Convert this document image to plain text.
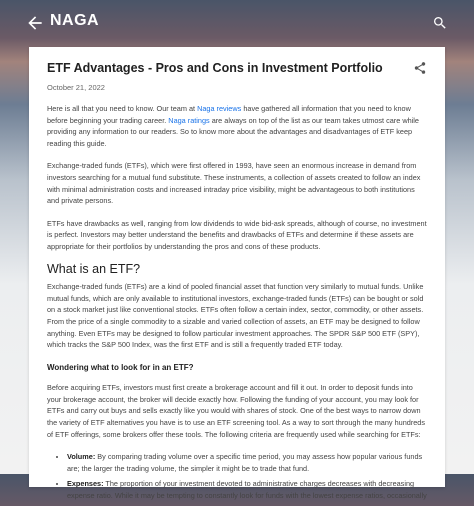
NAGA
ETF Advantages - Pros and Cons in Investment Portfolio
October 21, 2022

Here is all that you need to know. Our team at Naga reviews have gathered all information that you need to know before beginning your trading career. Naga ratings are always on top of the list as our team takes utmost care while providing any information to our readers. So to know more about the advantages and disadvantages of ETF keep reading this guide.

Exchange-traded funds (ETFs), which were first offered in 1993, have seen an enormous increase in demand from investors searching for a mutual fund substitute. These instruments, a collection of assets created to follow an index with minimal administration costs and increased intraday price visibility, might be advantageous to both institutions and private persons.

ETFs have drawbacks as well, ranging from low dividends to wide bid-ask spreads, although of course, no investment is perfect. Investors may better understand the benefits and drawbacks of ETFs and determine if these assets are appropriate for their portfolios by understanding the pros and cons of these products.

What is an ETF?

Exchange-traded funds (ETFs) are a kind of pooled financial asset that function very similarly to mutual funds. Unlike mutual funds, which are only available to institutional investors, exchange-traded funds (ETFs) can be bought or sold on a stock market just like conventional stocks. ETFs often follow a certain index, sector, commodity, or other assets. From the price of a single commodity to a sizable and varied collection of assets, an ETF may be designed to follow anything. Even ETFs may be designed to follow particular investment approaches. The SPDR S&P 500 ETF (SPY), which tracks the S&P 500 Index, was the first ETF and is still a frequently traded ETF today.

Wondering what to look for in an ETF?

Before acquiring ETFs, investors must first create a brokerage account and fill it out. In order to deposit funds into your brokerage account, the broker will decide exactly how. Following the funding of your account, you may look for ETFs and carry out buys and sells exactly like you would with shares of stock. One of the best ways to narrow down the variety of ETF alternatives you have is to use an ETF screening tool. As a way to sort through the many hundreds of ETF offerings, some brokers offer these tools. The following criteria are frequently used while searching for ETFs:

• Volume: By comparing trading volume over a specific time period, you may assess how popular various funds are; the larger the trading volume, the simpler it might be to trade that fund.
• Expenses: The proportion of your investment devoted to administrative charges decreases with decreasing expense ratio. While it may be tempting to constantly look for funds with the lowest expense ratios, occasionally
